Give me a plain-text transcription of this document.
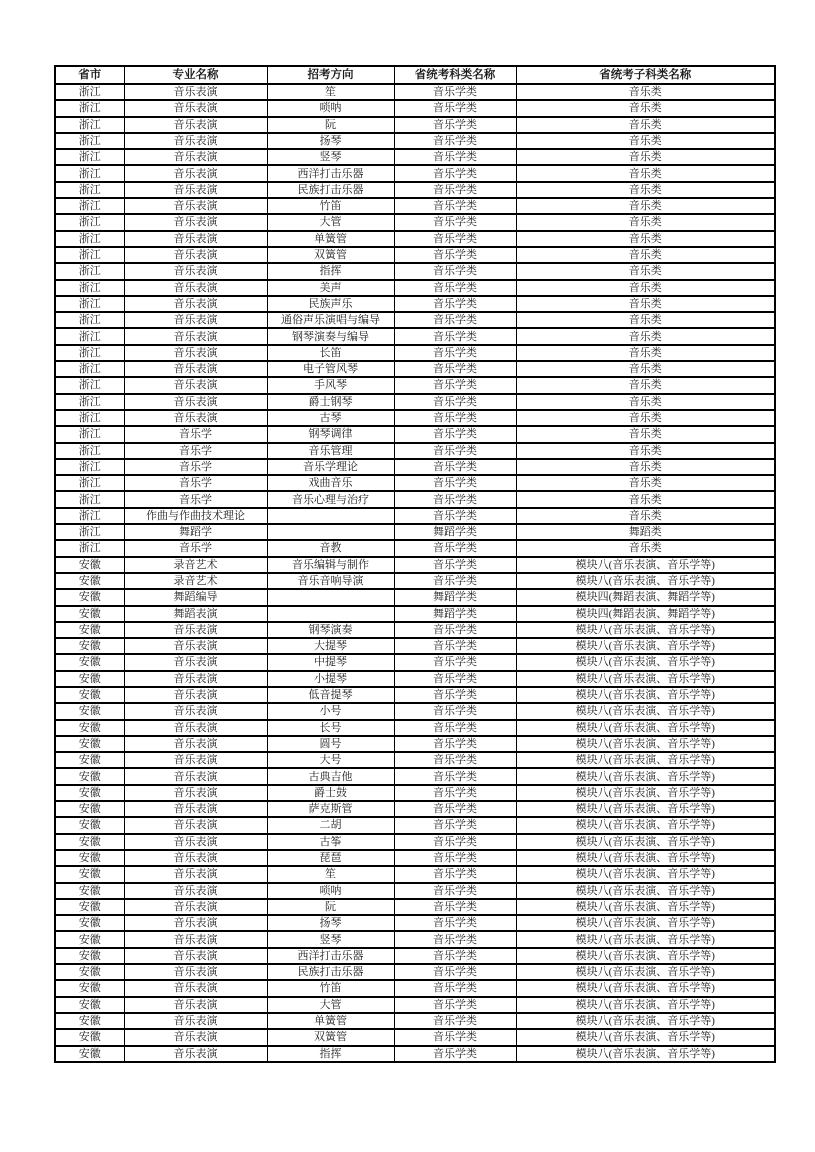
省市	专业名称	招考方向	省统考科类名称	省统考子科类名称
浙江	音乐表演	笙	音乐学类	音乐类
浙江	音乐表演	唢呐	音乐学类	音乐类
浙江	音乐表演	阮	音乐学类	音乐类
浙江	音乐表演	扬琴	音乐学类	音乐类
浙江	音乐表演	竖琴	音乐学类	音乐类
浙江	音乐表演	西洋打击乐器	音乐学类	音乐类
浙江	音乐表演	民族打击乐器	音乐学类	音乐类
浙江	音乐表演	竹笛	音乐学类	音乐类
浙江	音乐表演	大管	音乐学类	音乐类
浙江	音乐表演	单簧管	音乐学类	音乐类
浙江	音乐表演	双簧管	音乐学类	音乐类
浙江	音乐表演	指挥	音乐学类	音乐类
浙江	音乐表演	美声	音乐学类	音乐类
浙江	音乐表演	民族声乐	音乐学类	音乐类
浙江	音乐表演	通俗声乐演唱与编导	音乐学类	音乐类
浙江	音乐表演	钢琴演奏与编导	音乐学类	音乐类
浙江	音乐表演	长笛	音乐学类	音乐类
浙江	音乐表演	电子管风琴	音乐学类	音乐类
浙江	音乐表演	手风琴	音乐学类	音乐类
浙江	音乐表演	爵士钢琴	音乐学类	音乐类
浙江	音乐表演	古琴	音乐学类	音乐类
浙江	音乐学	钢琴调律	音乐学类	音乐类
浙江	音乐学	音乐管理	音乐学类	音乐类
浙江	音乐学	音乐学理论	音乐学类	音乐类
浙江	音乐学	戏曲音乐	音乐学类	音乐类
浙江	音乐学	音乐心理与治疗	音乐学类	音乐类
浙江	作曲与作曲技术理论		音乐学类	音乐类
浙江	舞蹈学		舞蹈学类	舞蹈类
浙江	音乐学	音教	音乐学类	音乐类
安徽	录音艺术	音乐编辑与制作	音乐学类	模块八(音乐表演、音乐学等)
安徽	录音艺术	音乐音响导演	音乐学类	模块八(音乐表演、音乐学等)
安徽	舞蹈编导		舞蹈学类	模块四(舞蹈表演、舞蹈学等)
安徽	舞蹈表演		舞蹈学类	模块四(舞蹈表演、舞蹈学等)
安徽	音乐表演	钢琴演奏	音乐学类	模块八(音乐表演、音乐学等)
安徽	音乐表演	大提琴	音乐学类	模块八(音乐表演、音乐学等)
安徽	音乐表演	中提琴	音乐学类	模块八(音乐表演、音乐学等)
安徽	音乐表演	小提琴	音乐学类	模块八(音乐表演、音乐学等)
安徽	音乐表演	低音提琴	音乐学类	模块八(音乐表演、音乐学等)
安徽	音乐表演	小号	音乐学类	模块八(音乐表演、音乐学等)
安徽	音乐表演	长号	音乐学类	模块八(音乐表演、音乐学等)
安徽	音乐表演	圆号	音乐学类	模块八(音乐表演、音乐学等)
安徽	音乐表演	大号	音乐学类	模块八(音乐表演、音乐学等)
安徽	音乐表演	古典吉他	音乐学类	模块八(音乐表演、音乐学等)
安徽	音乐表演	爵士鼓	音乐学类	模块八(音乐表演、音乐学等)
安徽	音乐表演	萨克斯管	音乐学类	模块八(音乐表演、音乐学等)
安徽	音乐表演	二胡	音乐学类	模块八(音乐表演、音乐学等)
安徽	音乐表演	古筝	音乐学类	模块八(音乐表演、音乐学等)
安徽	音乐表演	琵琶	音乐学类	模块八(音乐表演、音乐学等)
安徽	音乐表演	笙	音乐学类	模块八(音乐表演、音乐学等)
安徽	音乐表演	唢呐	音乐学类	模块八(音乐表演、音乐学等)
安徽	音乐表演	阮	音乐学类	模块八(音乐表演、音乐学等)
安徽	音乐表演	扬琴	音乐学类	模块八(音乐表演、音乐学等)
安徽	音乐表演	竖琴	音乐学类	模块八(音乐表演、音乐学等)
安徽	音乐表演	西洋打击乐器	音乐学类	模块八(音乐表演、音乐学等)
安徽	音乐表演	民族打击乐器	音乐学类	模块八(音乐表演、音乐学等)
安徽	音乐表演	竹笛	音乐学类	模块八(音乐表演、音乐学等)
安徽	音乐表演	大管	音乐学类	模块八(音乐表演、音乐学等)
安徽	音乐表演	单簧管	音乐学类	模块八(音乐表演、音乐学等)
安徽	音乐表演	双簧管	音乐学类	模块八(音乐表演、音乐学等)
安徽	音乐表演	指挥	音乐学类	模块八(音乐表演、音乐学等)
